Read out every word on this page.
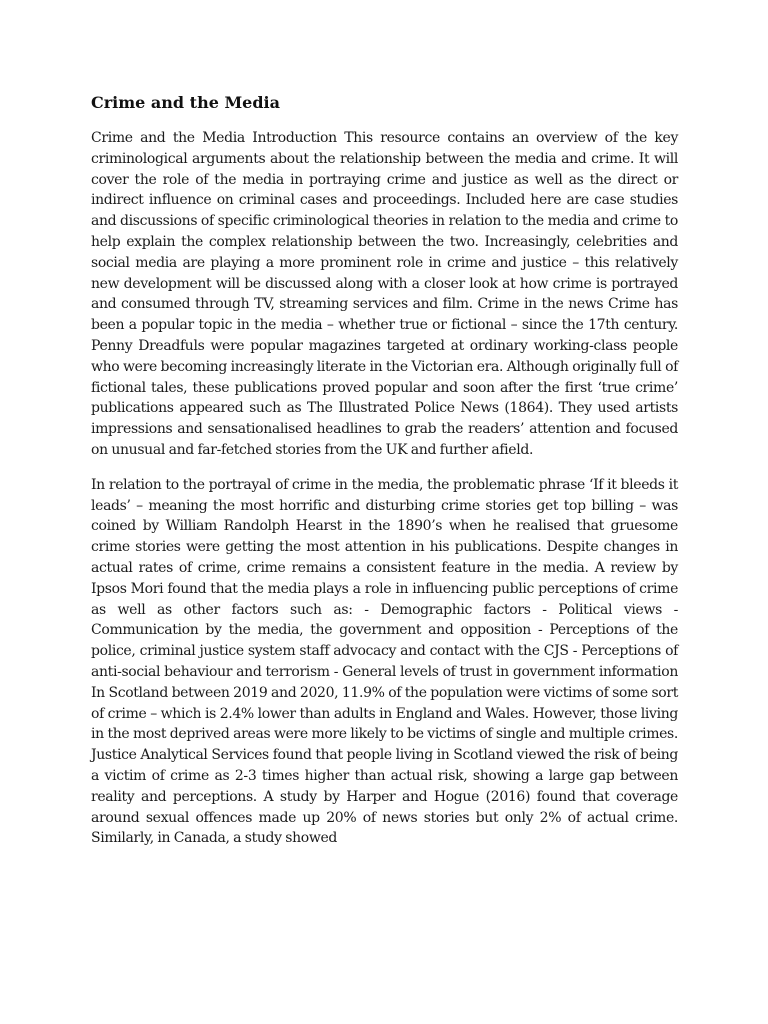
Crime and the Media

Crime and the Media Introduction This resource contains an overview of the key criminological arguments about the relationship between the media and crime. It will cover the role of the media in portraying crime and justice as well as the direct or indirect influence on criminal cases and proceedings. Included here are case studies and discussions of specific criminological theories in relation to the media and crime to help explain the complex relationship between the two. Increasingly, celebrities and social media are playing a more prominent role in crime and justice – this relatively new development will be discussed along with a closer look at how crime is portrayed and consumed through TV, streaming services and film. Crime in the news Crime has been a popular topic in the media – whether true or fictional – since the 17th century. Penny Dreadfuls were popular magazines targeted at ordinary working-class people who were becoming increasingly literate in the Victorian era. Although originally full of fictional tales, these publications proved popular and soon after the first ‘true crime’ publications appeared such as The Illustrated Police News (1864). They used artists impressions and sensationalised headlines to grab the readers’ attention and focused on unusual and far-fetched stories from the UK and further afield.

In relation to the portrayal of crime in the media, the problematic phrase ‘If it bleeds it leads’ – meaning the most horrific and disturbing crime stories get top billing – was coined by William Randolph Hearst in the 1890’s when he realised that gruesome crime stories were getting the most attention in his publications. Despite changes in actual rates of crime, crime remains a consistent feature in the media. A review by Ipsos Mori found that the media plays a role in influencing public perceptions of crime as well as other factors such as: - Demographic factors - Political views - Communication by the media, the government and opposition - Perceptions of the police, criminal justice system staff advocacy and contact with the CJS - Perceptions of anti-social behaviour and terrorism - General levels of trust in government information In Scotland between 2019 and 2020, 11.9% of the population were victims of some sort of crime – which is 2.4% lower than adults in England and Wales. However, those living in the most deprived areas were more likely to be victims of single and multiple crimes. Justice Analytical Services found that people living in Scotland viewed the risk of being a victim of crime as 2-3 times higher than actual risk, showing a large gap between reality and perceptions. A study by Harper and Hogue (2016) found that coverage around sexual offences made up 20% of news stories but only 2% of actual crime. Similarly, in Canada, a study showed
